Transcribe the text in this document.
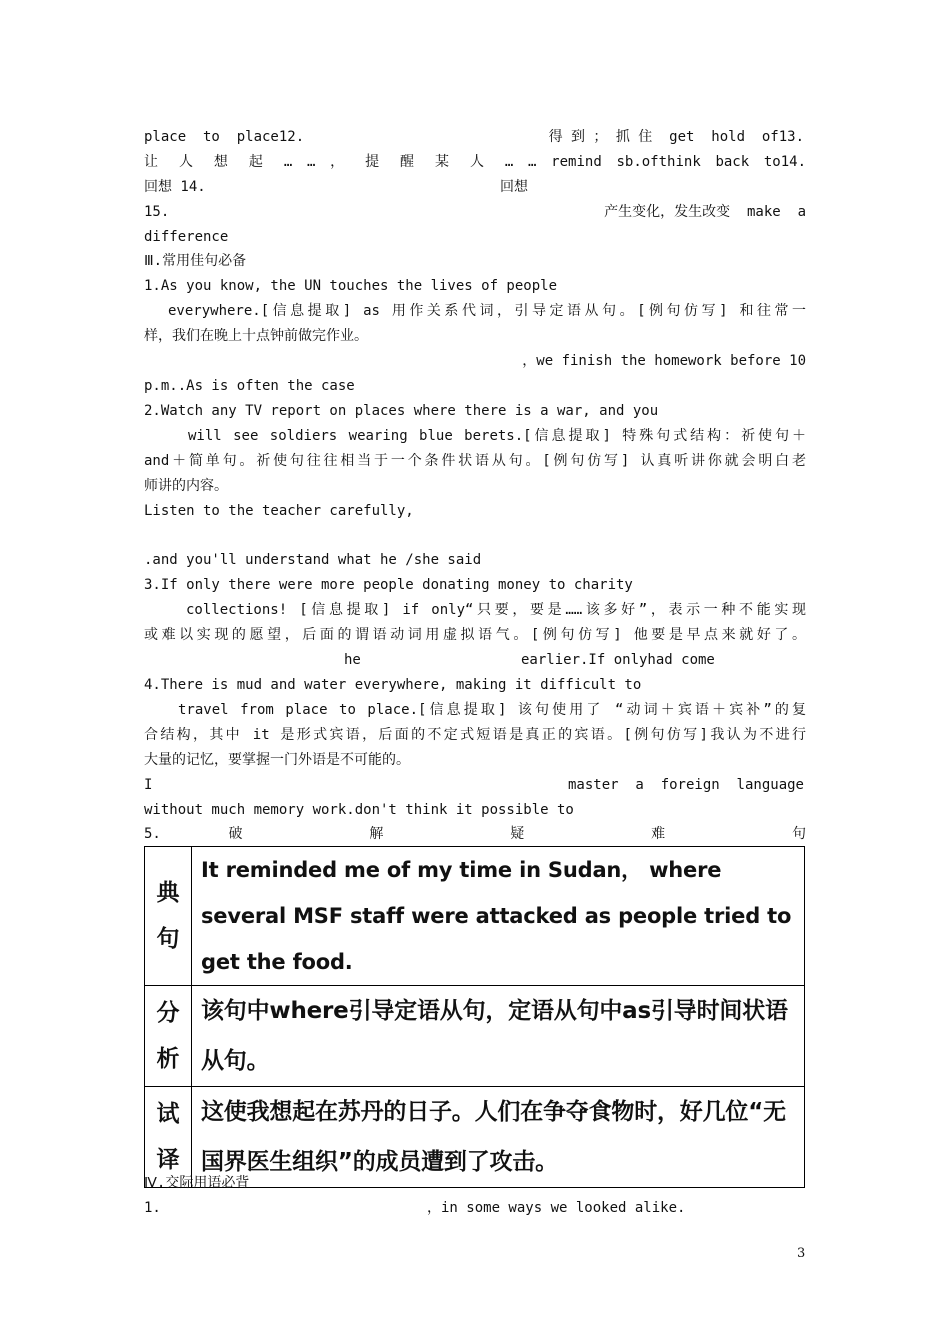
place  to  place12.	得 到 ； 抓 住  get  hold  of13.
让 人 想 起 … … ， 提 醒 某 人 … … remind sb.ofthink back to14.
回想 14.	回想
15.	产生变化，发生改变  make  a
difference
Ⅲ.常用佳句必备
1.As you know, the UN touches the lives of people
everywhere.[信息提取] as 用作关系代词，引导定语从句。[例句仿写] 和往常一
样，我们在晚上十点钟前做完作业。
，we finish the homework before 10
p.m..As is often the case
2.Watch any TV report on places where there is a war, and you
will see soldiers wearing blue berets.[信息提取] 特殊句式结构：祈使句＋
and＋简单句。祈使句往往相当于一个条件状语从句。[例句仿写] 认真听讲你就会明白老
师讲的内容。
Listen to the teacher carefully,
.and you'll understand what he /she said
3.If only there were more people donating money to charity
collections! [信息提取] if only“只要，要是……该多好”，表示一种不能实现
或难以实现的愿望，后面的谓语动词用虚拟语气。[例句仿写] 他要是早点来就好了。
he	earlier.If onlyhad come
4.There is mud and water everywhere, making it difficult to
travel from place to place.[信息提取] 该句使用了 “动词＋宾语＋宾补”的复
合结构，其中 it 是形式宾语，后面的不定式短语是真正的宾语。[例句仿写]我认为不进行
大量的记忆，要掌握一门外语是不可能的。
I	master  a  foreign  language
without much memory work.don't think it possible to
5. 破 解 疑 难 句
典
句	It reminded me of my time in Sudan， where several MSF staff were attacked as people tried to get the food.
分
析	该句中where引导定语从句，定语从句中as引导时间状语从句。
试
译	这使我想起在苏丹的日子。人们在争夺食物时，好几位“无国界医生组织”的成员遭到了攻击。
Ⅳ.交际用语必背
1.	，in some ways we looked alike.
3
